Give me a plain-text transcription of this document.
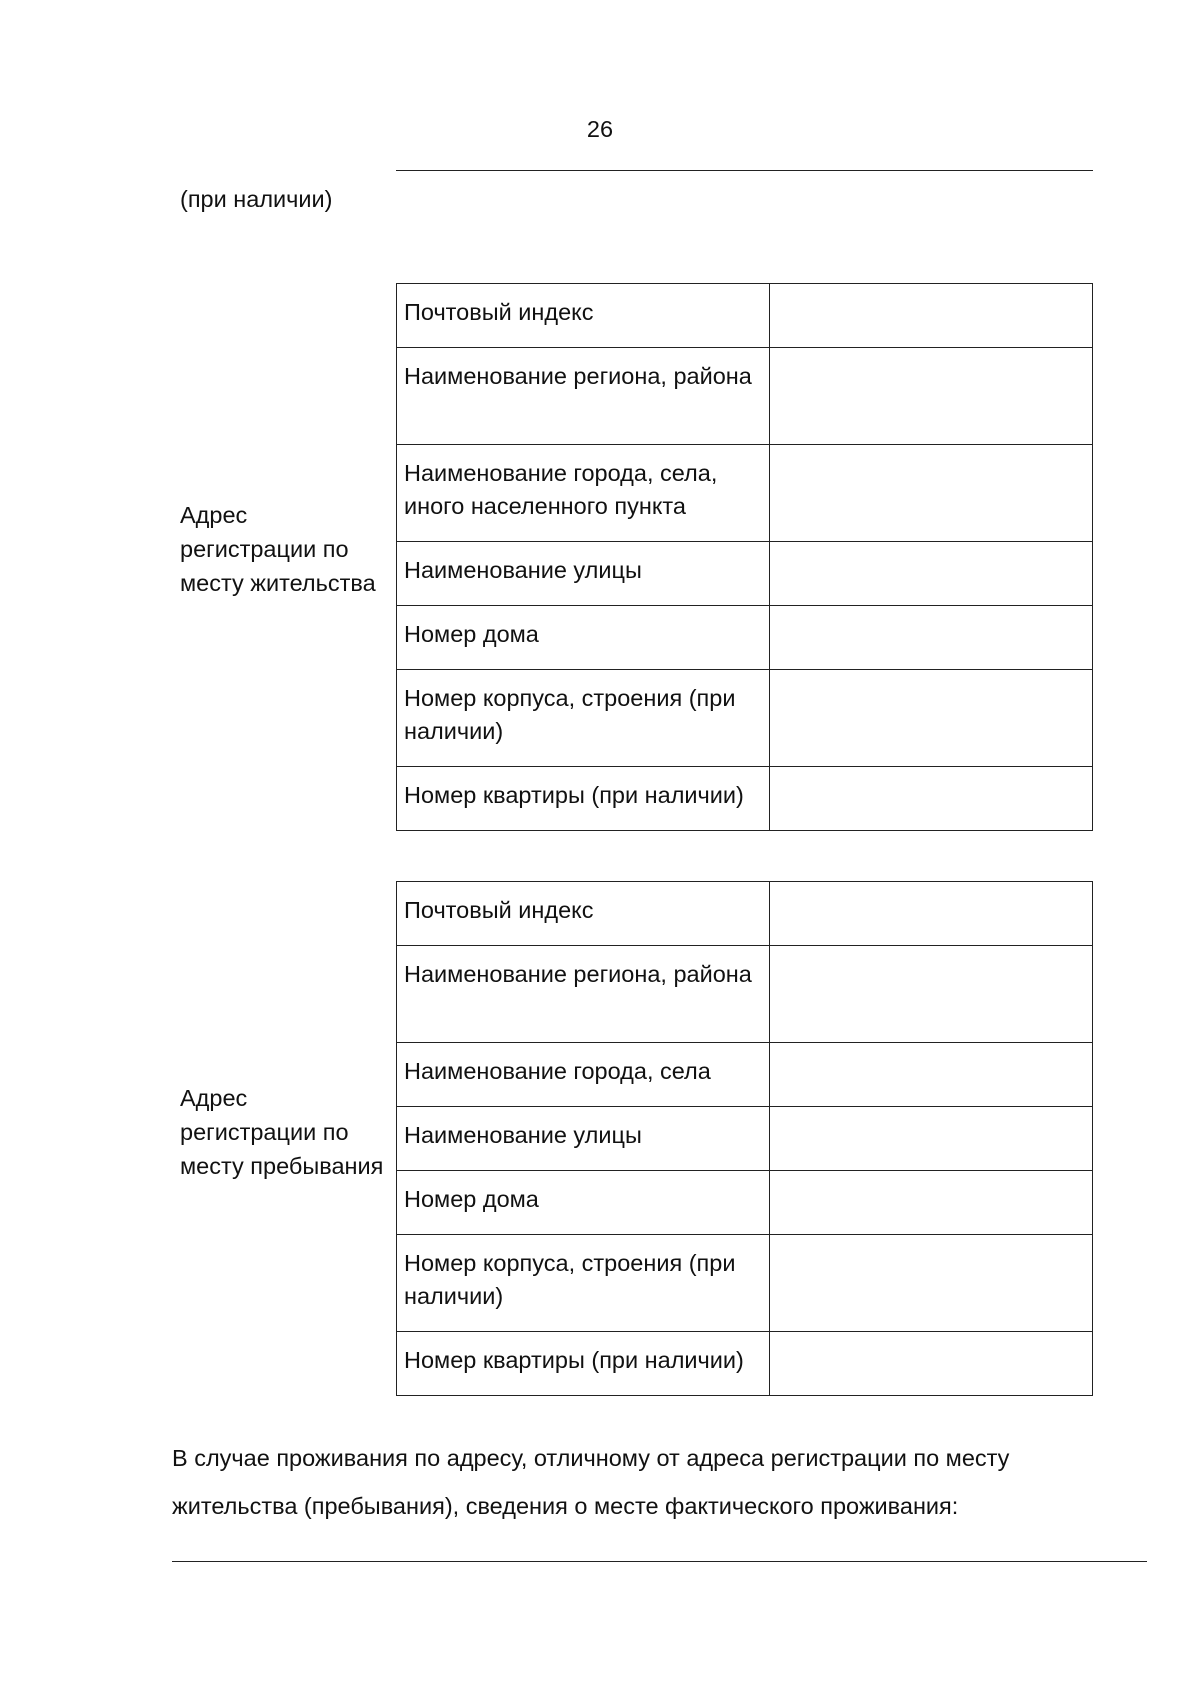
26
(при наличии)
Адрес
регистрации по
месту жительства
Почтовый индекс	
Наименование региона, района	
Наименование города, села, иного населенного пункта	
Наименование улицы	
Номер дома	
Номер корпуса, строения (при наличии)	
Номер квартиры (при наличии)	
Адрес
регистрации по
месту пребывания
Почтовый индекс	
Наименование региона, района	
Наименование города, села	
Наименование улицы	
Номер дома	
Номер корпуса, строения (при наличии)	
Номер квартиры (при наличии)	
В случае проживания по адресу, отличному от адреса регистрации по месту
жительства (пребывания), сведения о месте фактического проживания:
